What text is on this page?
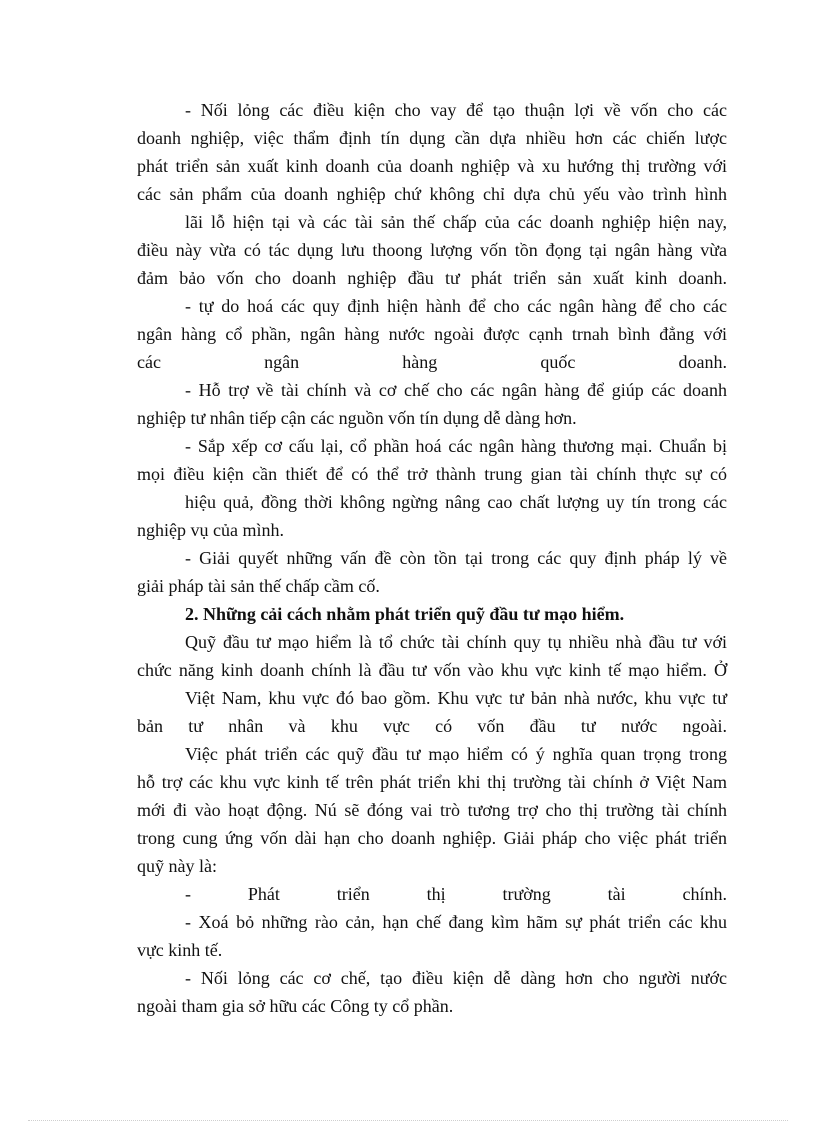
- Nối lỏng các điều kiện cho vay để tạo thuận lợi về vốn cho các
doanh nghiệp, việc thẩm định tín dụng cần dựa nhiều hơn các chiến lược
phát triển sản xuất kinh doanh của doanh nghiệp và xu hướng thị trường với
các sản phẩm của doanh nghiệp chứ không chỉ dựa chủ yếu vào trình hình
lãi lỗ hiện tại và các tài sản thế chấp của các doanh nghiệp hiện nay,
điều này vừa có tác dụng lưu thoong lượng vốn tồn đọng tại ngân hàng vừa
đảm bảo vốn cho doanh nghiệp đầu tư phát triển sản xuất kinh doanh.
- tự do hoá các quy định hiện hành để cho các ngân hàng để cho các
ngân hàng cổ phần, ngân hàng nước ngoài được cạnh trnah bình đẳng với
các ngân hàng quốc doanh.
- Hỗ trợ về tài chính và cơ chế cho các ngân hàng để giúp các doanh
nghiệp tư nhân tiếp cận các nguồn vốn tín dụng dễ dàng hơn.
- Sắp xếp cơ cấu lại, cổ phần hoá các ngân hàng thương mại. Chuẩn bị
mọi điều kiện cần thiết để có thể trở thành trung gian tài chính thực sự có
hiệu quả, đồng thời không ngừng nâng cao chất lượng uy tín trong các
nghiệp vụ của mình.
- Giải quyết những vấn đề còn tồn tại trong các quy định pháp lý về
giải pháp tài sản thế chấp cầm cố.
2. Những cải cách nhằm phát triển quỹ đầu tư mạo hiểm.
Quỹ đầu tư mạo hiểm là tổ chức tài chính quy tụ nhiều nhà đầu tư với
chức năng kinh doanh chính là đầu tư vốn vào khu vực kinh tế mạo hiểm. Ở
Việt Nam, khu vực đó bao gồm. Khu vực tư bản nhà nước, khu vực tư
bản tư nhân và khu vực có vốn đầu tư nước ngoài.
Việc phát triển các quỹ đầu tư mạo hiểm có ý nghĩa quan trọng trong
hỗ trợ các khu vực kinh tế trên phát triển khi thị trường tài chính ở Việt Nam
mới đi vào hoạt động. Nú sẽ đóng vai trò tương trợ cho thị trường tài chính
trong cung ứng vốn dài hạn cho doanh nghiệp. Giải pháp cho việc phát triển
quỹ này là:
- Phát triển thị trường tài chính.
- Xoá bỏ những rào cản, hạn chế đang kìm hãm sự phát triển các khu
vực kinh tế.
- Nối lỏng các cơ chế, tạo điều kiện dễ dàng hơn cho người nước
ngoài tham gia sở hữu các Công ty cổ phần.
